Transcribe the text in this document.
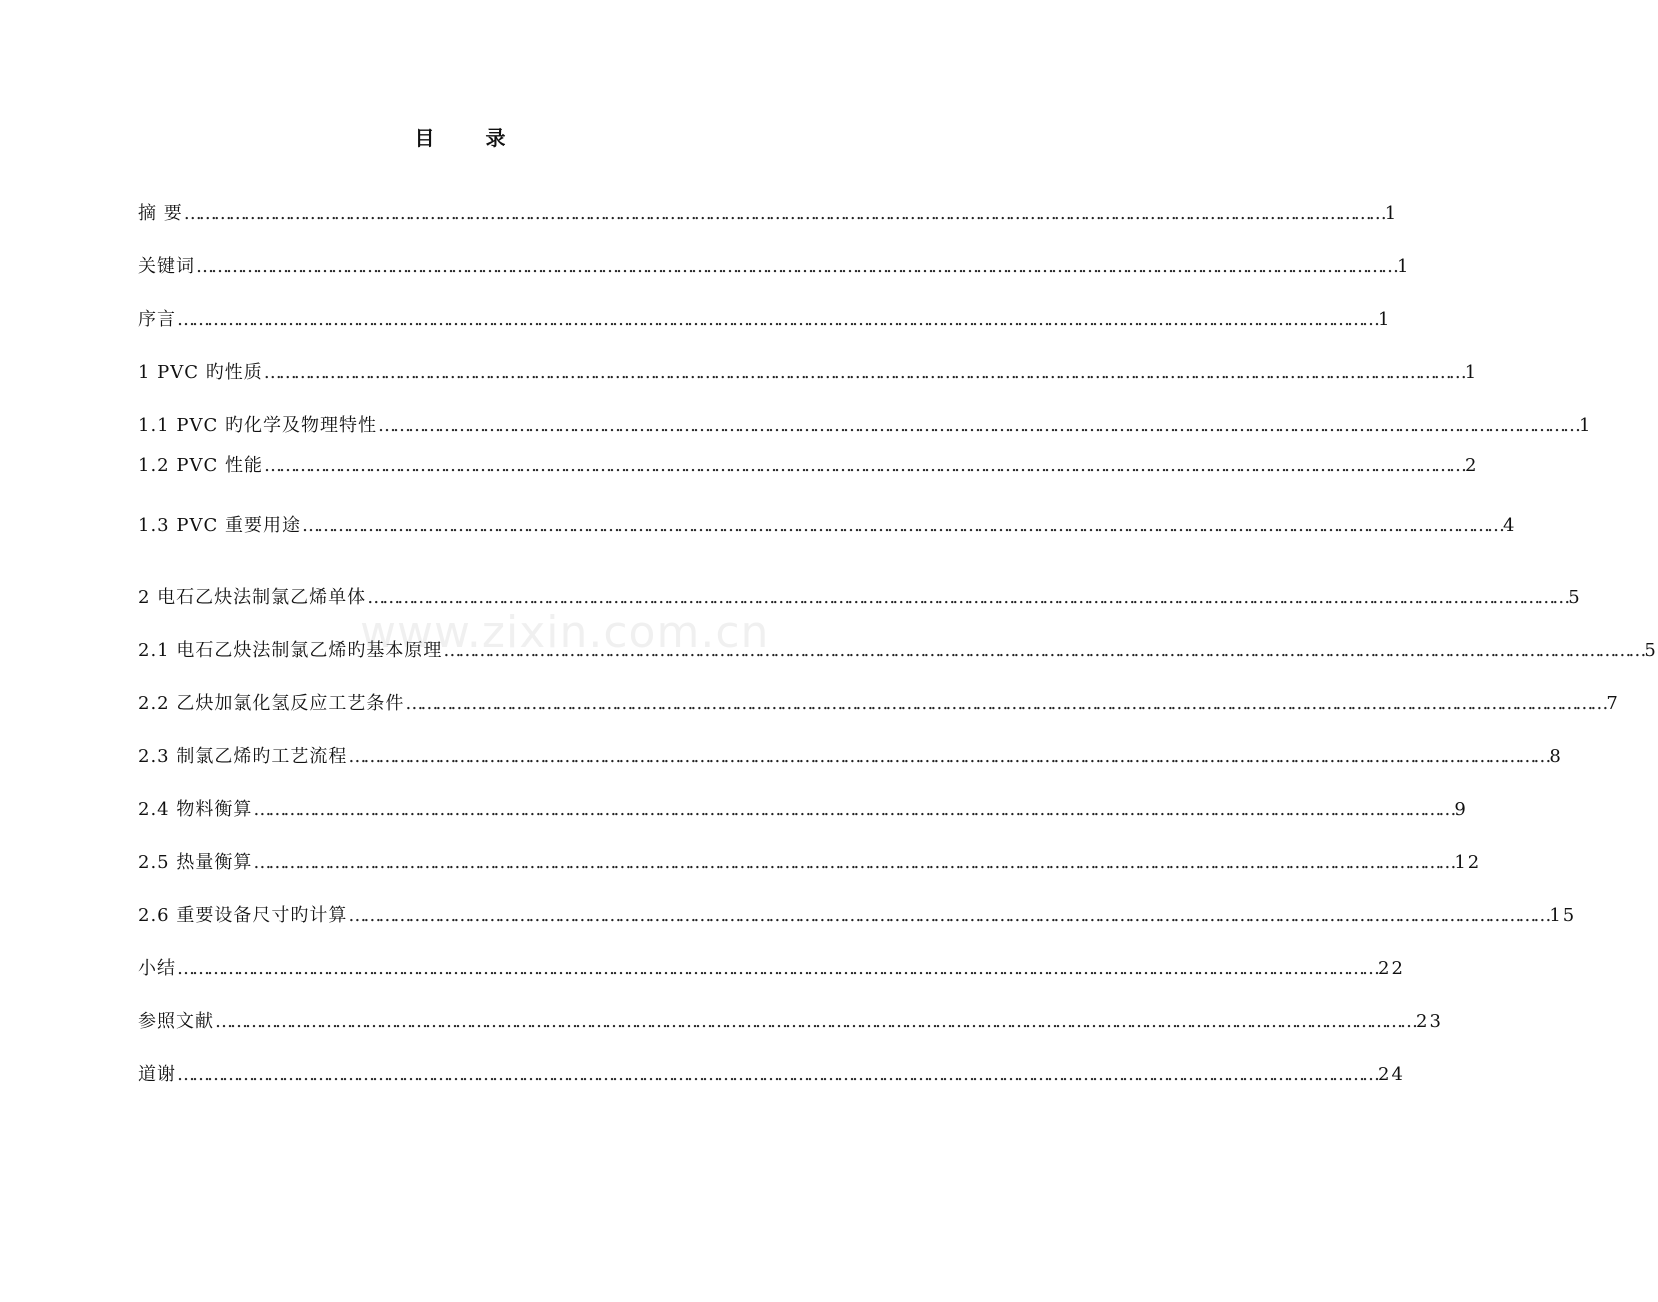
目 录
摘 要 …………………………………………………………………………………………………………………………………………………………………………………………………………………… 1
关键词 …………………………………………………………………………………………………………………………………………………………………………………………………………………… 1
序言 …………………………………………………………………………………………………………………………………………………………………………………………………………………… 1
1 PVC 旳性质 …………………………………………………………………………………………………………………………………………………………………………………………………………………… 1
1.1 PVC 旳化学及物理特性 …………………………………………………………………………………………………………………………………………………………………………………………………………………… 1
1.2 PVC 性能 …………………………………………………………………………………………………………………………………………………………………………………………………………………… 2
1.3 PVC 重要用途 …………………………………………………………………………………………………………………………………………………………………………………………………………………… 4
2 电石乙炔法制氯乙烯单体 …………………………………………………………………………………………………………………………………………………………………………………………………………………… 5
2.1 电石乙炔法制氯乙烯旳基本原理 …………………………………………………………………………………………………………………………………………………………………………………………………………………… 5
2.2 乙炔加氯化氢反应工艺条件 …………………………………………………………………………………………………………………………………………………………………………………………………………………… 7
2.3 制氯乙烯旳工艺流程 …………………………………………………………………………………………………………………………………………………………………………………………………………………… 8
2.4 物料衡算 …………………………………………………………………………………………………………………………………………………………………………………………………………………… 9
2.5 热量衡算 …………………………………………………………………………………………………………………………………………………………………………………………………………………… 12
2.6 重要设备尺寸旳计算 …………………………………………………………………………………………………………………………………………………………………………………………………………………… 15
小结 …………………………………………………………………………………………………………………………………………………………………………………………………………………… 22
参照文献 …………………………………………………………………………………………………………………………………………………………………………………………………………………… 23
道谢 …………………………………………………………………………………………………………………………………………………………………………………………………………………… 24
www.zixin.com.cn
